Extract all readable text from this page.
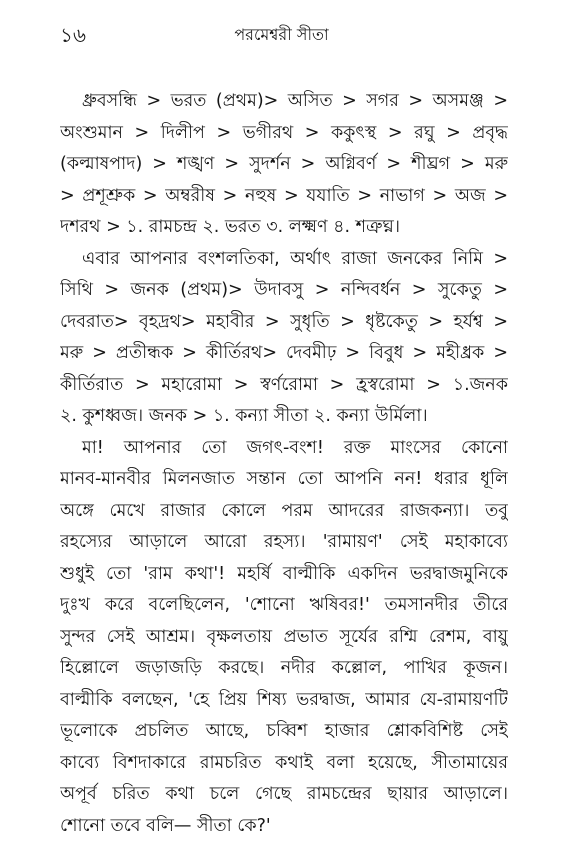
১৬	পরমেশ্বরী সীতা
ধ্রুবসন্ধি > ভরত (প্রথম)> অসিত > সগর > অসমঞ্জ >
অংশুমান > দিলীপ > ভগীরথ > ককুৎস্থ > রঘু > প্রবৃদ্ধ
(কল্মাষপাদ) > শঙ্খণ > সুদর্শন > অগ্নিবর্ণ > শীঘ্রগ > মরু
> প্রশূশ্রুক > অম্বরীষ > নহুষ > যযাতি > নাভাগ > অজ >
দশরথ > ১. রামচন্দ্র ২. ভরত ৩. লক্ষ্মণ ৪. শত্রুঘ্ন।
এবার আপনার বংশলতিকা, অর্থাৎ রাজা জনকের নিমি >
সিথি > জনক (প্রথম)> উদাবসু > নন্দিবর্ধন > সুকেতু >
দেবরাত> বৃহদ্রথ> মহাবীর > সুধৃতি > ধৃষ্টকেতু > হর্যশ্ব >
মরু > প্রতীন্ধক > কীর্তিরথ> দেবমীঢ় > বিবুধ > মহীধ্রক >
কীর্তিরাত > মহারোমা > স্বর্ণরোমা > হ্রস্বরোমা > ১.জনক
২. কুশধ্বজ। জনক > ১. কন্যা সীতা ২. কন্যা উর্মিলা।
মা! আপনার তো জগৎ-বংশ! রক্ত মাংসের কোনো
মানব-মানবীর মিলনজাত সন্তান তো আপনি নন! ধরার ধূলি
অঙ্গে মেখে রাজার কোলে পরম আদরের রাজকন্যা। তবু
রহস্যের আড়ালে আরো রহস্য। 'রামায়ণ' সেই মহাকাব্যে
শুধুই তো 'রাম কথা'! মহর্ষি বাল্মীকি একদিন ভরদ্বাজমুনিকে
দুঃখ করে বলেছিলেন, 'শোনো ঋষিবর!' তমসানদীর তীরে
সুন্দর সেই আশ্রম। বৃক্ষলতায় প্রভাত সূর্যের রশ্মি রেশম, বায়ু
হিল্লোলে জড়াজড়ি করছে। নদীর কল্লোল, পাখির কূজন।
বাল্মীকি বলছেন, 'হে প্রিয় শিষ্য ভরদ্বাজ, আমার যে-রামায়ণটি
ভূলোকে প্রচলিত আছে, চব্বিশ হাজার শ্লোকবিশিষ্ট সেই
কাব্যে বিশদাকারে রামচরিত কথাই বলা হয়েছে, সীতামায়ের
অপূর্ব চরিত কথা চলে গেছে রামচন্দ্রের ছায়ার আড়ালে।
শোনো তবে বলি— সীতা কে?'
